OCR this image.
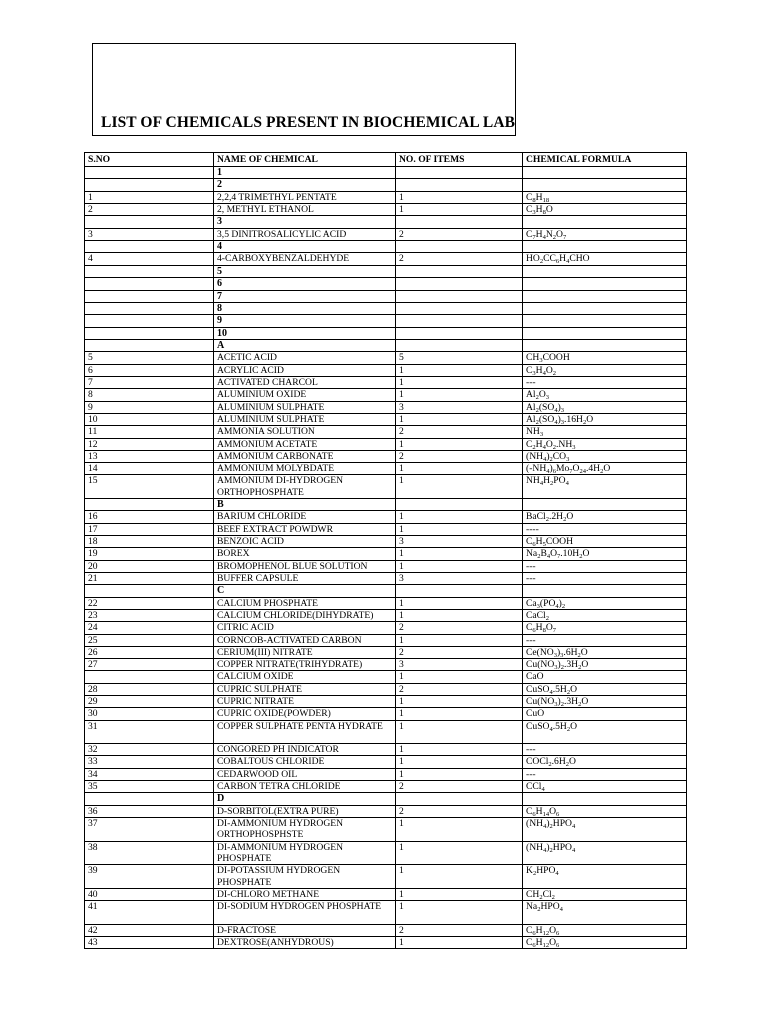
LIST OF CHEMICALS PRESENT IN BIOCHEMICAL LAB
S.NO	NAME OF CHEMICAL	NO. OF ITEMS	CHEMICAL FORMULA
	1		
	2		
1	2,2,4 TRIMETHYL PENTATE	1	$C_8H_{18}$
2	2, METHYL ETHANOL	1	$C_3H_8O$
	3		
3	3,5 DINITROSALICYLIC ACID	2	$C_7H_4N_2O_7$
	4		
4	4-CARBOXYBENZALDEHYDE	2	$HO_2CC_6H_4CHO$
	5		
	6		
	7		
	8		
	9		
	10		
	A		
5	ACETIC ACID	5	$CH_3COOH$
6	ACRYLIC ACID	1	$C_3H_4O_2$
7	ACTIVATED CHARCOL	1	---
8	ALUMINIUM OXIDE	1	$Al_2O_3$
9	ALUMINIUM SULPHATE	3	$Al_2(SO_4)_3$
10	ALUMINIUM SULPHATE	1	$Al_2(SO_4)_3.16H_2O$
11	AMMONIA SOLUTION	2	$NH_3$
12	AMMONIUM ACETATE	1	$C_2H_4O_2.NH_3$
13	AMMONIUM CARBONATE	2	$(NH_4)_2CO_3$
14	AMMONIUM MOLYBDATE	1	$(-NH_4)_6Mo_7O_{24}.4H_2O$
15	AMMONIUM DI-HYDROGEN ORTHOPHOSPHATE	1	$NH_4H_2PO_4$
	B		
16	BARIUM CHLORIDE	1	$BaCl_2.2H_2O$
17	BEEF EXTRACT POWDWR	1	----
18	BENZOIC ACID	3	$C_6H_5COOH$
19	BOREX	1	$Na_2B_4O_7.10H_2O$
20	BROMOPHENOL BLUE SOLUTION	1	---
21	BUFFER CAPSULE	3	---
	C		
22	CALCIUM PHOSPHATE	1	$Ca_3(PO_4)_2$
23	CALCIUM CHLORIDE(DIHYDRATE)	1	CaCl$_2$
24	CITRIC ACID	2	$C_6H_8O_7$
25	CORNCOB-ACTIVATED CARBON	1	---
26	CERIUM(III) NITRATE	2	$Ce(NO_3)_3.6H_2O$
27	COPPER NITRATE(TRIHYDRATE)	3	$Cu(NO_3)_2.3H_2O$
	CALCIUM OXIDE	1	CaO
28	CUPRIC SULPHATE	2	$CuSO_4.5H_2O$
29	CUPRIC NITRATE	1	$Cu(NO_3)_2.3H_2O$
30	CUPRIC OXIDE(POWDER)	1	CuO
31	COPPER SULPHATE PENTA HYDRATE	1	$CuSO_4.5H_2O$
32	CONGORED PH INDICATOR	1	---
33	COBALTOUS CHLORIDE	1	$COCl_2.6H_2O$
34	CEDARWOOD OIL	1	---
35	CARBON TETRA CHLORIDE	2	CCl$_4$
	D		
36	D-SORBITOL(EXTRA PURE)	2	$C_6H_{14}O_6$
37	DI-AMMONIUM HYDROGEN ORTHOPHOSPHSTE	1	$(NH_4)_2HPO_4$
38	DI-AMMONIUM HYDROGEN PHOSPHATE	1	$(NH_4)_2HPO_4$
39	DI-POTASSIUM HYDROGEN PHOSPHATE	1	$K_2HPO_4$
40	DI-CHLORO METHANE	1	$CH_2Cl_2$
41	DI-SODIUM HYDROGEN PHOSPHATE	1	$Na_2HPO_4$
42	D-FRACTOSE	2	$C_6H_{12}O_6$
43	DEXTROSE(ANHYDROUS)	1	$C_6H_{12}O_6$
